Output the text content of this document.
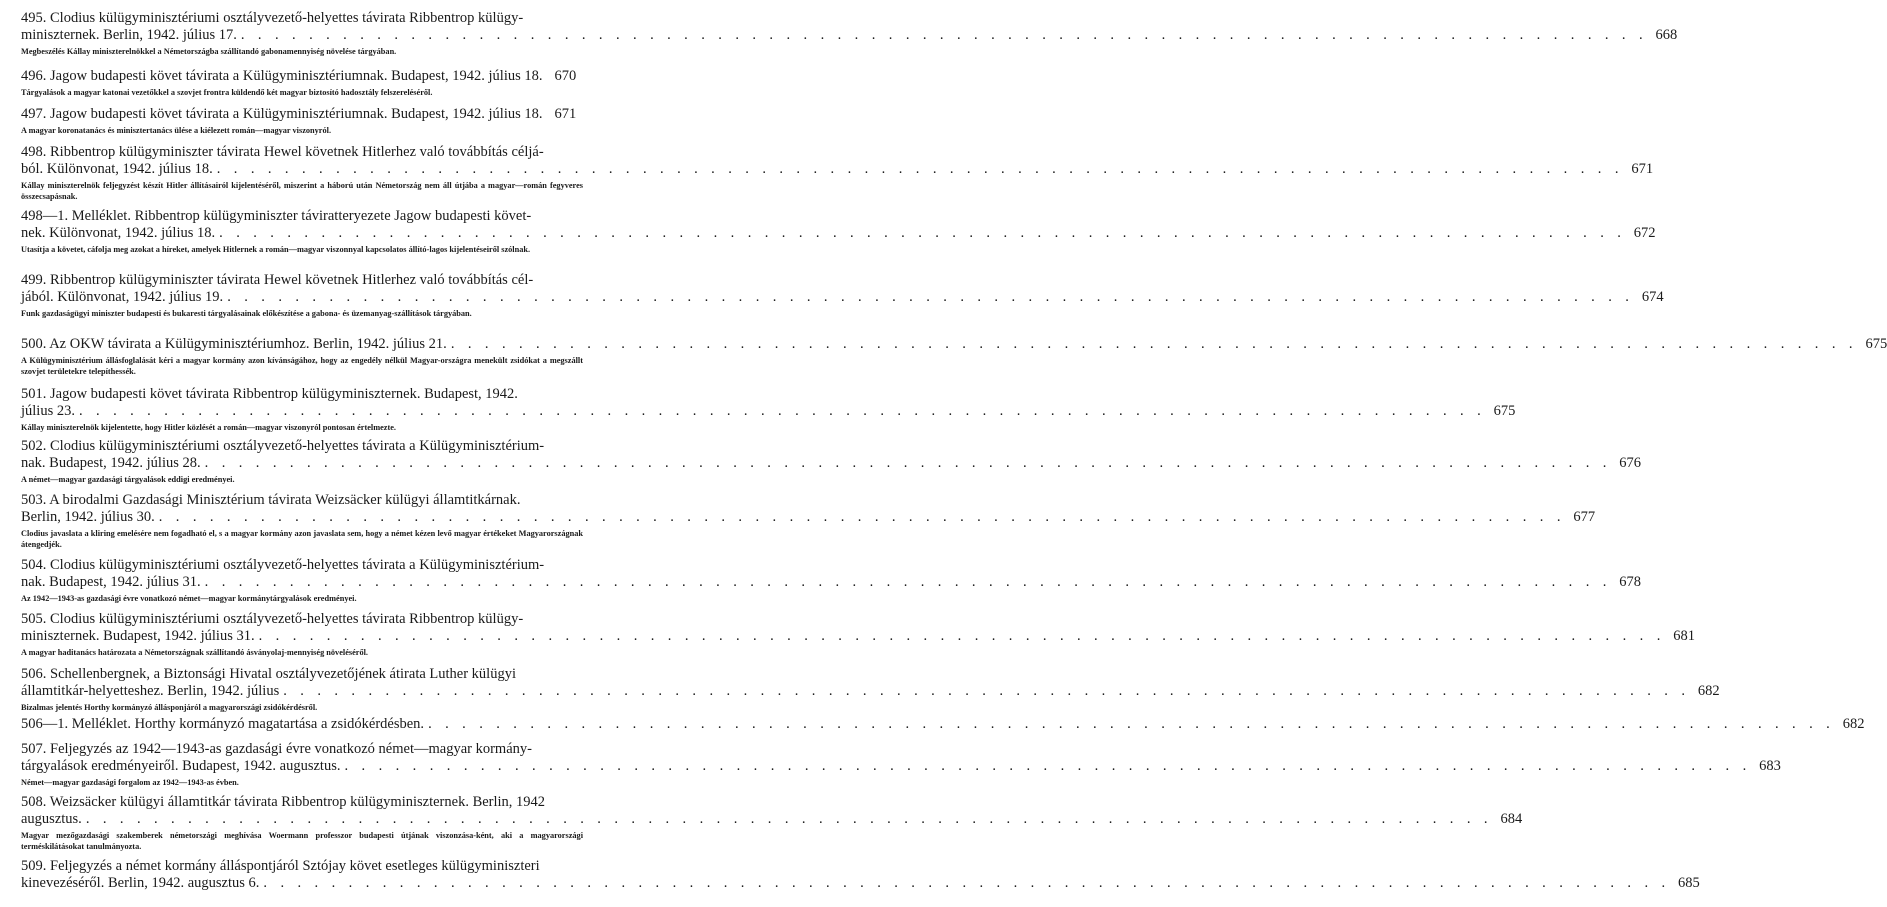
495. Clodius külügyminisztériumi osztályvezető-helyettes távirata Ribbentrop külügy-
miniszternek. Berlin, 1942. július 17. . . . . . . . . . . . . . . . . . . . . . . . . . . . . . . . . . . . . . . . . . . . . . . . . . . . . . . . . . . . . . . . . . . . . . . . . . . . . . . . . . . . 668
Megbeszélés Kállay miniszterelnökkel a Németországba szállítandó gabonamennyiség növelése tárgyában.
496. Jagow budapesti követ távirata a Külügyminisztériumnak. Budapest, 1942. július 18. 670
Tárgyalások a magyar katonai vezetőkkel a szovjet frontra küldendő két magyar biztosító hadosztály felszereléséről.
497. Jagow budapesti követ távirata a Külügyminisztériumnak. Budapest, 1942. július 18. 671
A magyar koronatanács és minisztertanács ülése a kiélezett román—magyar viszonyról.
498. Ribbentrop külügyminiszter távirata Hewel követnek Hitlerhez való továbbítás céljá-
ból. Különvonat, 1942. július 18. . . . . . . . . . . . . . . . . . . . . . . . . . . . . . . . . . . . . . . . . . . . . . . . . . . . . . . . . . . . . . . . . . . . . . . . . . . . . . . . . . . . 671
Kállay miniszterelnök feljegyzést készít Hitler állításairól kijelentéséről, miszerint a háború után Németország nem áll útjába a magyar—román fegyveres összecsapásnak.
498—1. Melléklet. Ribbentrop külügyminiszter táviratteryezete Jagow budapesti követ-
nek. Különvonat, 1942. július 18. . . . . . . . . . . . . . . . . . . . . . . . . . . . . . . . . . . . . . . . . . . . . . . . . . . . . . . . . . . . . . . . . . . . . . . . . . . . . . . . . . . . 672
Utasítja a követet, cáfolja meg azokat a híreket, amelyek Hitlernek a román—magyar viszonnyal kapcsolatos állító-lagos kijelentéseiről szólnak.
499. Ribbentrop külügyminiszter távirata Hewel követnek Hitlerhez való továbbítás cél-
jából. Különvonat, 1942. július 19. . . . . . . . . . . . . . . . . . . . . . . . . . . . . . . . . . . . . . . . . . . . . . . . . . . . . . . . . . . . . . . . . . . . . . . . . . . . . . . . . . . . 674
Funk gazdaságügyi miniszter budapesti és bukaresti tárgyalásainak előkészítése a gabona- és üzemanyag-szállítások tárgyában.
500. Az OKW távirata a Külügyminisztériumhoz. Berlin, 1942. július 21. . . . . . . . . . . . . . . . . . . . . . . . . . . . . . . . . . . . . . . . . . . . . . . . . . . . . . . . . . . . . . . . . . . . . . . . . . . . . . . . . . . . 675
A Külügyminisztérium állásfoglalását kéri a magyar kormány azon kívánságához, hogy az engedély nélkül Magyar-országra menekült zsidókat a megszállt szovjet területekre telepíthessék.
501. Jagow budapesti követ távirata Ribbentrop külügyminiszternek. Budapest, 1942.
július 23. . . . . . . . . . . . . . . . . . . . . . . . . . . . . . . . . . . . . . . . . . . . . . . . . . . . . . . . . . . . . . . . . . . . . . . . . . . . . . . . . . . . 675
Kállay miniszterelnök kijelentette, hogy Hitler közlését a román—magyar viszonyról pontosan értelmezte.
502. Clodius külügyminisztériumi osztályvezető-helyettes távirata a Külügyminisztérium-
nak. Budapest, 1942. július 28. . . . . . . . . . . . . . . . . . . . . . . . . . . . . . . . . . . . . . . . . . . . . . . . . . . . . . . . . . . . . . . . . . . . . . . . . . . . . . . . . . . . 676
A német—magyar gazdasági tárgyalások eddigi eredményei.
503. A birodalmi Gazdasági Minisztérium távirata Weizsäcker külügyi államtitkárnak.
Berlin, 1942. július 30. . . . . . . . . . . . . . . . . . . . . . . . . . . . . . . . . . . . . . . . . . . . . . . . . . . . . . . . . . . . . . . . . . . . . . . . . . . . . . . . . . . . 677
Clodius javaslata a kliring emelésére nem fogadható el, s a magyar kormány azon javaslata sem, hogy a német kézen levő magyar értékeket Magyarországnak átengedjék.
504. Clodius külügyminisztériumi osztályvezető-helyettes távirata a Külügyminisztérium-
nak. Budapest, 1942. július 31. . . . . . . . . . . . . . . . . . . . . . . . . . . . . . . . . . . . . . . . . . . . . . . . . . . . . . . . . . . . . . . . . . . . . . . . . . . . . . . . . . . . 678
Az 1942—1943-as gazdasági évre vonatkozó német—magyar kormánytárgyalások eredményei.
505. Clodius külügyminisztériumi osztályvezető-helyettes távirata Ribbentrop külügy-
miniszternek. Budapest, 1942. július 31. . . . . . . . . . . . . . . . . . . . . . . . . . . . . . . . . . . . . . . . . . . . . . . . . . . . . . . . . . . . . . . . . . . . . . . . . . . . . . . . . . . . 681
A magyar haditanács határozata a Németországnak szállítandó ásványolaj-mennyiség növeléséről.
506. Schellenbergnek, a Biztonsági Hivatal osztályvezetőjének átirata Luther külügyi
államtitkár-helyetteshez. Berlin, 1942. július . . . . . . . . . . . . . . . . . . . . . . . . . . . . . . . . . . . . . . . . . . . . . . . . . . . . . . . . . . . . . . . . . . . . . . . . . . . . . . . . . . . 682
Bizalmas jelentés Horthy kormányzó állásponjáról a magyarországi zsidókérdésről.
506—1. Melléklet. Horthy kormányzó magatartása a zsidókérdésben. . . . . . . . . . . . . . . . . . . . . . . . . . . . . . . . . . . . . . . . . . . . . . . . . . . . . . . . . . . . . . . . . . . . . . . . . . . . . . . . . . . . 682
507. Feljegyzés az 1942—1943-as gazdasági évre vonatkozó német—magyar kormány-
tárgyalások eredményeiről. Budapest, 1942. augusztus. . . . . . . . . . . . . . . . . . . . . . . . . . . . . . . . . . . . . . . . . . . . . . . . . . . . . . . . . . . . . . . . . . . . . . . . . . . . . . . . . . . . 683
Német—magyar gazdasági forgalom az 1942—1943-as évben.
508. Weizsäcker külügyi államtitkár távirata Ribbentrop külügyminiszternek. Berlin, 1942
augusztus. . . . . . . . . . . . . . . . . . . . . . . . . . . . . . . . . . . . . . . . . . . . . . . . . . . . . . . . . . . . . . . . . . . . . . . . . . . . . . . . . . . . 684
Magyar mezőgazdasági szakemberek németországi meghívása Woermann professzor budapesti útjának viszonzása-ként, aki a magyarországi terméskilátásokat tanulmányozta.
509. Feljegyzés a német kormány álláspontjáról Sztójay követ esetleges külügyminiszteri
kinevezéséről. Berlin, 1942. augusztus 6. . . . . . . . . . . . . . . . . . . . . . . . . . . . . . . . . . . . . . . . . . . . . . . . . . . . . . . . . . . . . . . . . . . . . . . . . . . . . . . . . . . . 685
